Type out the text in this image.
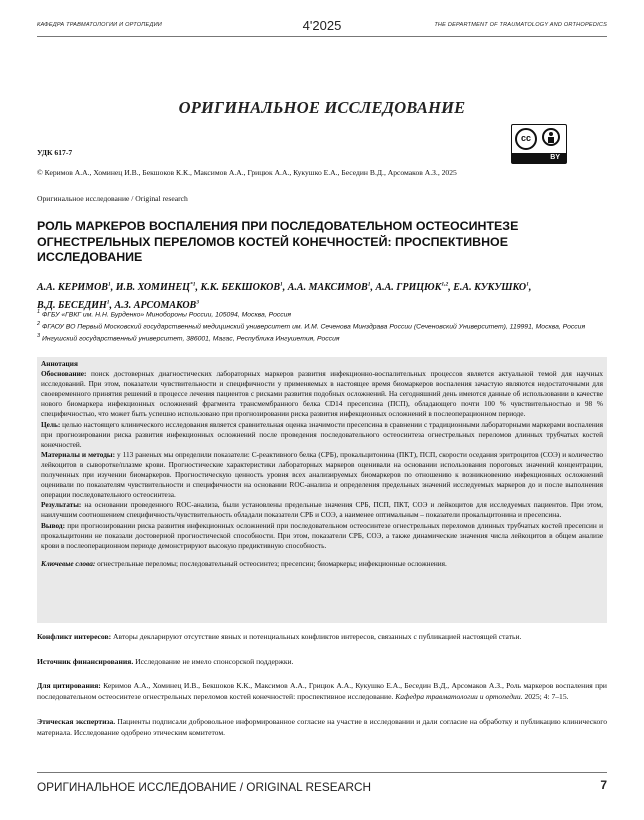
КАФЕДРА ТРАВМАТОЛОГИИ И ОРТОПЕДИИ	4'2025	THE DEPARTMENT OF TRAUMATOLOGY AND ORTHOPEDICS
ОРИГИНАЛЬНОЕ ИССЛЕДОВАНИЕ
cc
BY
УДК 617-7
© Керимов А.А., Хоминец И.В., Бекшоков К.К., Максимов А.А., Грицюк А.А., Кукушко Е.А., Беседин В.Д., Арсомаков А.З., 2025
Оригинальное исследование / Original research
РОЛЬ МАРКЕРОВ ВОСПАЛЕНИЯ ПРИ ПОСЛЕДОВАТЕЛЬНОМ ОСТЕОСИНТЕЗЕ ОГНЕСТРЕЛЬНЫХ ПЕРЕЛОМОВ КОСТЕЙ КОНЕЧНОСТЕЙ: ПРОСПЕКТИВНОЕ ИССЛЕДОВАНИЕ
А.А. КЕРИМОВ$^1$, И.В. ХОМИНЕЦ$^{*1}$, К.К. БЕКШОКОВ$^1$, А.А. МАКСИМОВ$^1$, А.А. ГРИЦЮК$^{1,2}$, Е.А. КУКУШКО$^1$,
В.Д. БЕСЕДИН$^1$, А.З. АРСОМАКОВ$^3$
$^1$ ФГБУ «ГВКГ им. Н.Н. Бурденко» Минобороны России, 105094, Москва, Россия
$^2$ ФГАОУ ВО Первый Московский государственный медицинский университет им. И.М. Сеченова Минздрава России (Сеченовский Университет), 119991, Москва, Россия
$^3$ Ингушский государственный университет, 386001, Магас, Республика Ингушетия, Россия

Аннотация

Обоснование: поиск достоверных диагностических лабораторных маркеров развития инфекционно-воспалительных процессов является актуальной темой для научных исследований. При этом, показатели чувствительности и специфичности у применяемых в настоящее время биомаркеров воспаления зачастую являются недостаточными для своевременного принятия решений в процессе лечения пациентов с рисками развития подобных осложнений. На сегодняшний день имеются данные об использовании в качестве нового биомаркера инфекционных осложнений фрагмента трансмембранного белка CD14 пресепсина (ПСП), обладающего почти 100 % чувствительностью и 98 % специфичностью, что может быть успешно использовано при прогнозировании риска развития инфекционных осложнений в послеоперационном периоде.

Цель: целью настоящего клинического исследования является сравнительная оценка значимости пресепсина в сравнении с традиционными лабораторными маркерами воспаления при прогнозировании риска развития инфекционных осложнений после проведения последовательного остеосинтеза огнестрельных переломов длинных трубчатых костей конечностей.

Материалы и методы: у 113 раненых мы определили показатели: С-реактивного белка (СРБ), прокальцитонина (ПКТ), ПСП, скорости оседания эритроцитов (СОЭ) и количество лейкоцитов в сыворотке/плазме крови. Прогностические характеристики лабораторных маркеров оценивали на основании использования пороговых значений концентрации, полученных при изучении биомаркеров. Прогностическую ценность уровня всех анализируемых биомаркеров по отношению к возникновению инфекционных осложнений оценивали по показателям чувствительности и специфичности на основании ROC-анализа и определения предельных значений исследуемых маркеров до и после выполнения операции последовательного остеосинтеза.

Результаты: на основании проведенного ROC-анализа, были установлены предельные значения СРБ, ПСП, ПКТ, СОЭ и лейкоцитов для исследуемых пациентов. При этом, наилучшим соотношением специфичность/чувствительность обладали показатели СРБ и СОЭ, а наименее оптимальным – показатели прокальцитонина и пресепсина.

Вывод: при прогнозировании риска развития инфекционных осложнений при последовательном остеосинтезе огнестрельных переломов длинных трубчатых костей пресепсин и прокальцитонин не показали достоверной прогностической способности. При этом, показатели СРБ, СОЭ, а также динамические значения числа лейкоцитов в общем анализе крови в послеоперационном периоде демонстрируют высокую предиктивную способность.

Ключевые слова: огнестрельные переломы; последовательный остеосинтез; пресепсин; биомаркеры; инфекционные осложнения.

Конфликт интересов: Авторы декларируют отсутствие явных и потенциальных конфликтов интересов, связанных с публикацией настоящей статьи.
Источник финансирования. Исследование не имело спонсорской поддержки.
Для цитирования: Керимов А.А., Хоминец И.В., Бекшоков К.К., Максимов А.А., Грицюк А.А., Кукушко Е.А., Беседин В.Д., Арсомаков А.З., Роль маркеров воспаления при последовательном остеосинтезе огнестрельных переломов костей конечностей: проспективное исследование. Кафедра травматологии и ортопедии. 2025; 4: 7–15.
Этическая экспертиза. Пациенты подписали добровольное информированное согласие на участие в исследовании и дали согласие на обработку и публикацию клинического материала. Исследование одобрено этическим комитетом.
ОРИГИНАЛЬНОЕ ИССЛЕДОВАНИЕ / ORIGINAL RESEARCH	7
